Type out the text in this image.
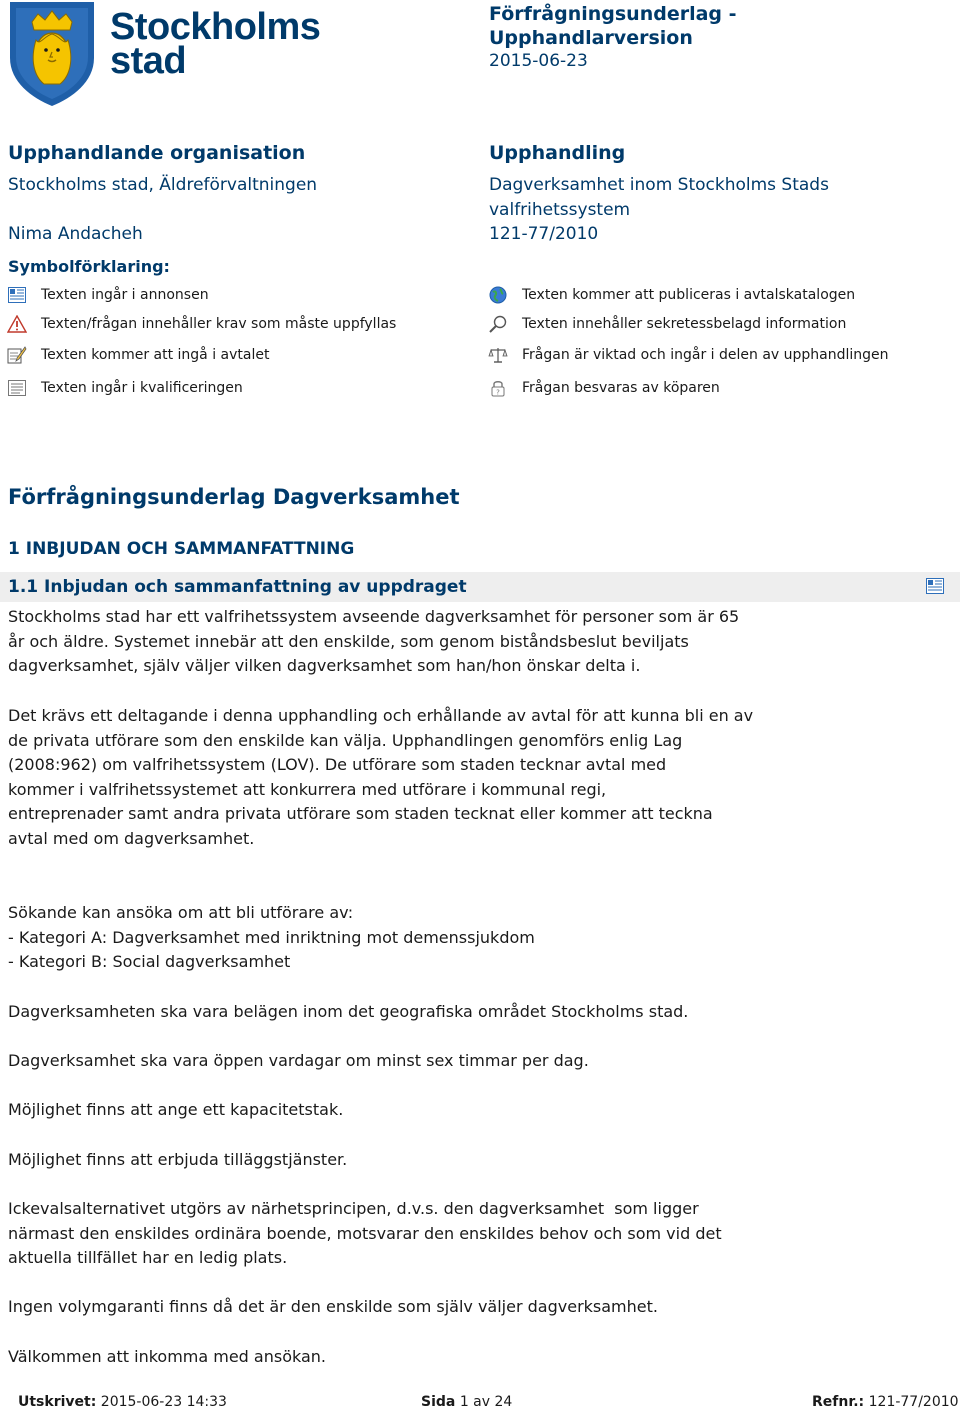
Stockholms
stad
Förfrågningsunderlag -
Upphandlarversion
2015-06-23
Upphandlande organisation
Stockholms stad, Äldreförvaltningen
Nima Andacheh
Upphandling
Dagverksamhet inom Stockholms Stads
valfrihetssystem
121-77/2010
Symbolförklaring:
Texten ingår i annonsen
Texten/frågan innehåller krav som måste uppfyllas
Texten kommer att ingå i avtalet
Texten ingår i kvalificeringen
Texten kommer att publiceras i avtalskatalogen
Texten innehåller sekretessbelagd information
Frågan är viktad och ingår i delen av upphandlingen
? Frågan besvaras av köparen
Förfrågningsunderlag Dagverksamhet
1 INBJUDAN OCH SAMMANFATTNING
1.1 Inbjudan och sammanfattning av uppdraget
Stockholms stad har ett valfrihetssystem avseende dagverksamhet för personer som är 65
år och äldre. Systemet innebär att den enskilde, som genom biståndsbeslut beviljats
dagverksamhet, själv väljer vilken dagverksamhet som han/hon önskar delta i.
Det krävs ett deltagande i denna upphandling och erhållande av avtal för att kunna bli en av
de privata utförare som den enskilde kan välja. Upphandlingen genomförs enlig Lag
(2008:962) om valfrihetssystem (LOV). De utförare som staden tecknar avtal med
kommer i valfrihetssystemet att konkurrera med utförare i kommunal regi,
entreprenader samt andra privata utförare som staden tecknat eller kommer att teckna
avtal med om dagverksamhet.
Sökande kan ansöka om att bli utförare av:
- Kategori A: Dagverksamhet med inriktning mot demenssjukdom
- Kategori B: Social dagverksamhet
Dagverksamheten ska vara belägen inom det geografiska området Stockholms stad.
Dagverksamhet ska vara öppen vardagar om minst sex timmar per dag.
Möjlighet finns att ange ett kapacitetstak.
Möjlighet finns att erbjuda tilläggstjänster.
Ickevalsalternativet utgörs av närhetsprincipen, d.v.s. den dagverksamhet  som ligger
närmast den enskildes ordinära boende, motsvarar den enskildes behov och som vid det
aktuella tillfället har en ledig plats.
Ingen volymgaranti finns då det är den enskilde som själv väljer dagverksamhet.
Välkommen att inkomma med ansökan.
Utskrivet: 2015-06-23 14:33	Sida 1 av 24	Refnr.: 121-77/2010
